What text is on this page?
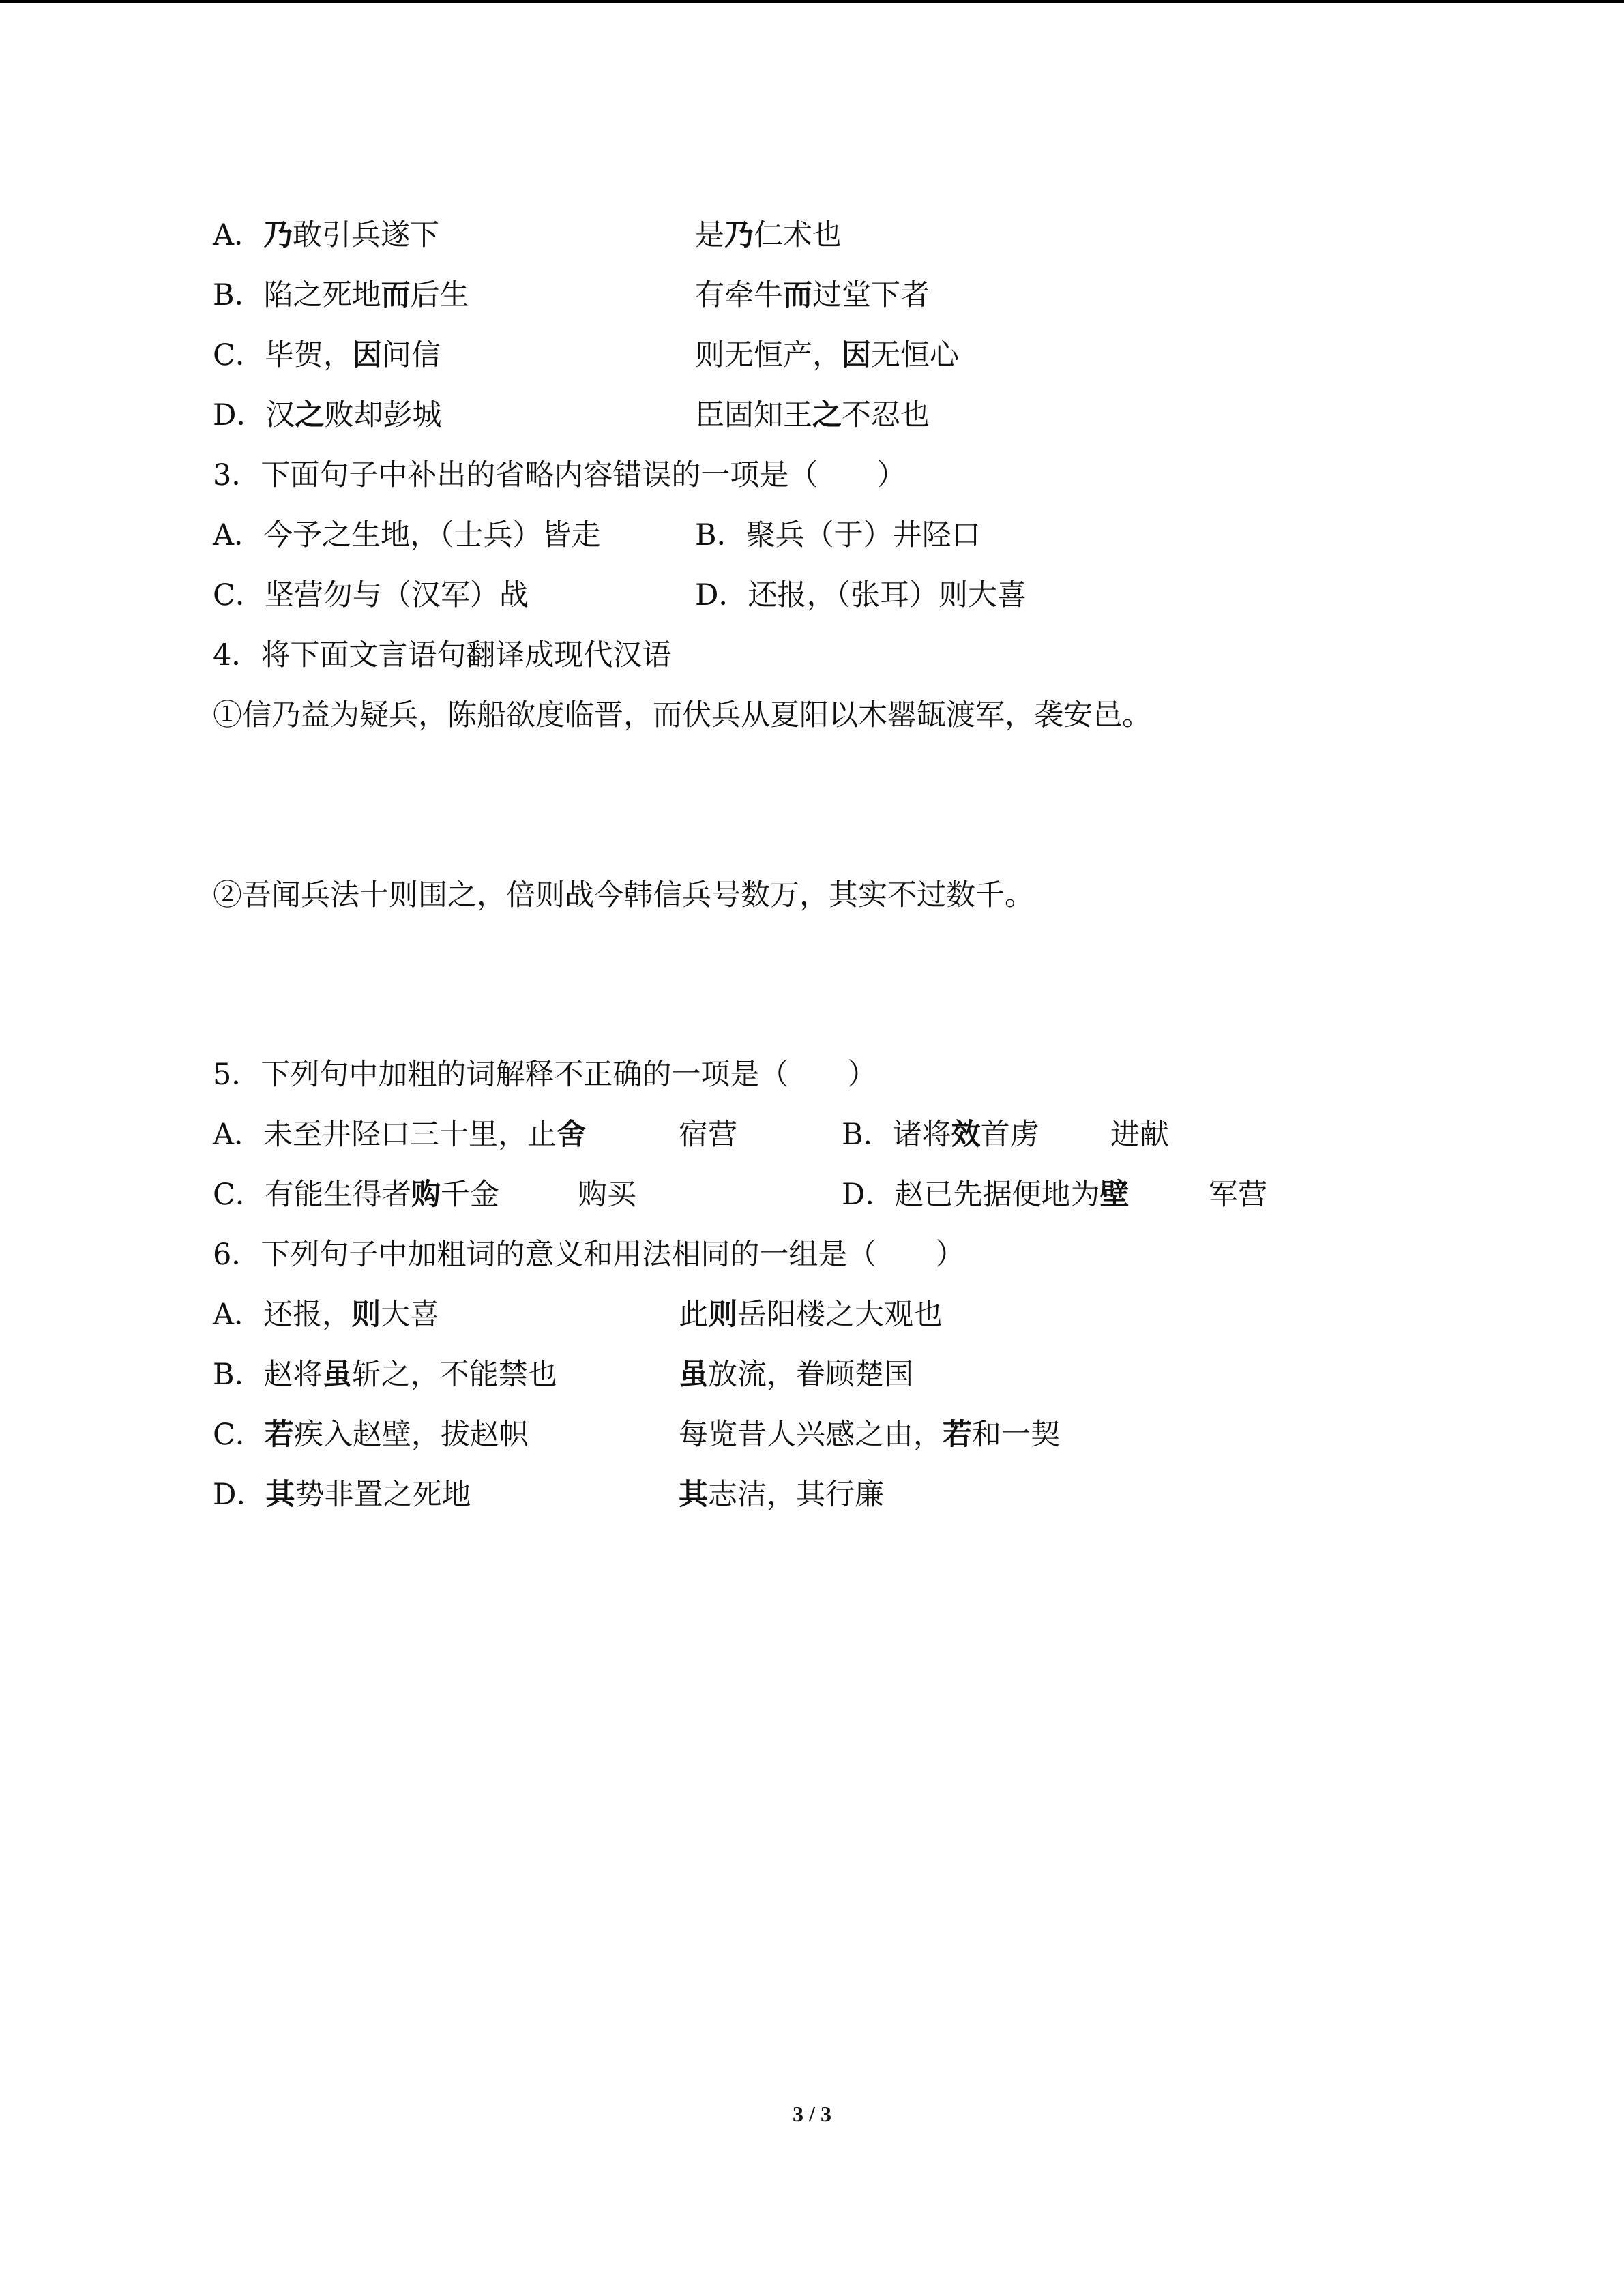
A．乃敢引兵遂下	是乃仁术也
B．陷之死地而后生	有牵牛而过堂下者
C．毕贺，因问信	则无恒产，因无恒心
D．汉之败却彭城	臣固知王之不忍也
3．下面句子中补出的省略内容错误的一项是（　　）
A．今予之生地，（士兵）皆走	B．聚兵（于）井陉口
C．坚营勿与（汉军）战	D．还报，（张耳）则大喜
4．将下面文言语句翻译成现代汉语
①信乃益为疑兵，陈船欲度临晋，而伏兵从夏阳以木罂缻渡军，袭安邑。
②吾闻兵法十则围之，倍则战今韩信兵号数万，其实不过数千。
5．下列句中加粗的词解释不正确的一项是（　　）
A．未至井陉口三十里，止舍	宿营	B．诸将效首虏 进献
C．有能生得者购千金	购买	D．赵已先据便地为壁	军营
6．下列句子中加粗词的意义和用法相同的一组是（　　）
A．还报，则大喜	此则岳阳楼之大观也
B．赵将虽斩之，不能禁也	虽放流，眷顾楚国
C．若疾入赵壁，拔赵帜	每览昔人兴感之由，若和一契
D．其势非置之死地	其志洁，其行廉
3 / 3
